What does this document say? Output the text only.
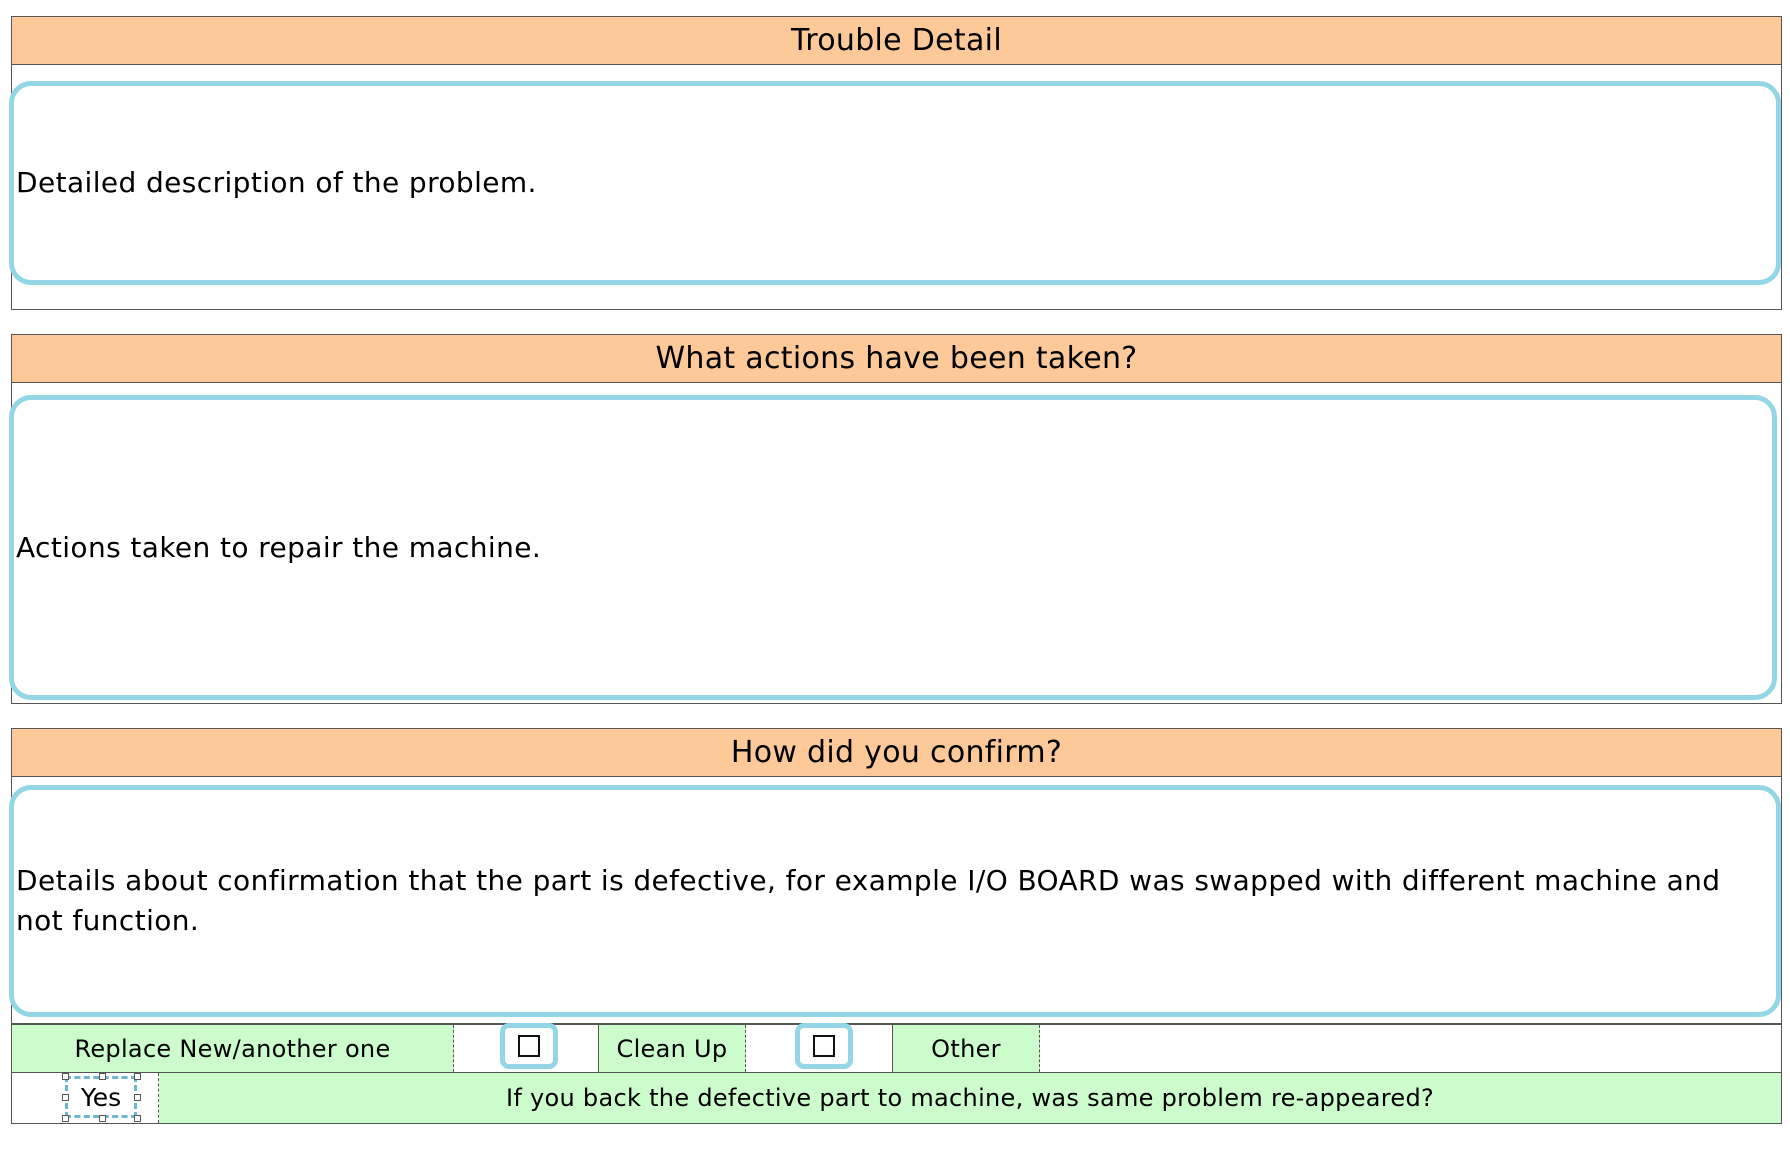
Trouble Detail
Detailed description of the problem.
What actions have been taken?
Actions taken to repair the machine.
How did you confirm?
Details about confirmation that the part is defective, for example I/O BOARD was swapped with different machine and not function.
Replace New/another one	Clean Up	Other
If you back the defective part to machine, was same problem re-appeared?
Yes
